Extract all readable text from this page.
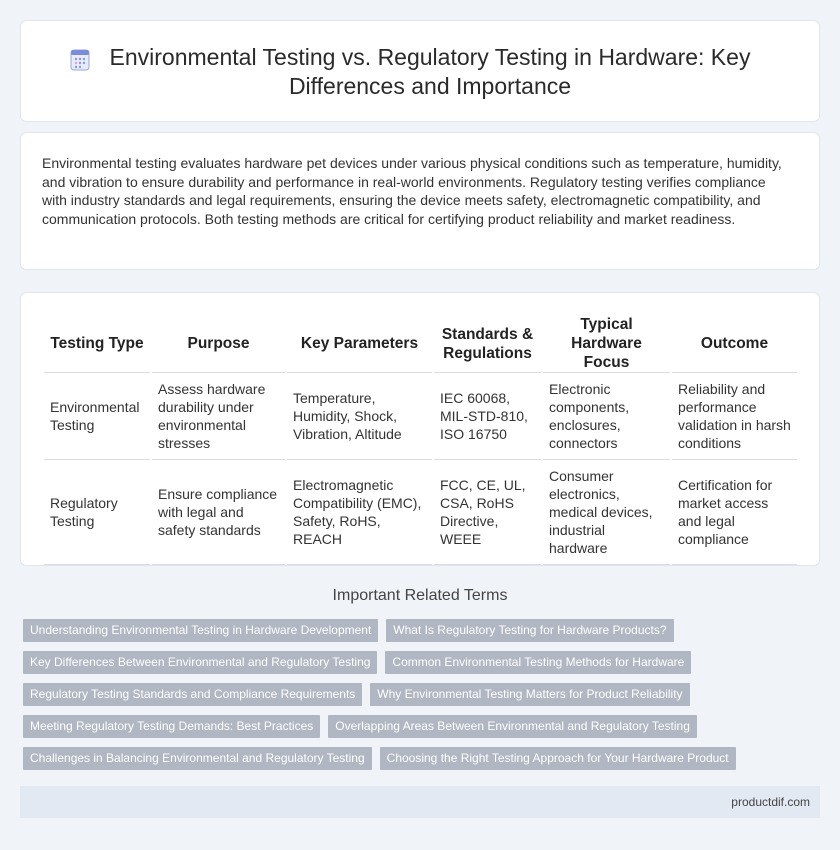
Environmental Testing vs. Regulatory Testing in Hardware: Key Differences and Importance

Environmental testing evaluates hardware pet devices under various physical conditions such as temperature, humidity, and vibration to ensure durability and performance in real-world environments. Regulatory testing verifies compliance with industry standards and legal requirements, ensuring the device meets safety, electromagnetic compatibility, and communication protocols. Both testing methods are critical for certifying product reliability and market readiness.

Testing Type	Purpose	Key Parameters	Standards & Regulations	Typical Hardware Focus	Outcome
Environmental Testing	Assess hardware durability under environmental stresses	Temperature, Humidity, Shock, Vibration, Altitude	IEC 60068, MIL-STD-810, ISO 16750	Electronic components, enclosures, connectors	Reliability and performance validation in harsh conditions
Regulatory Testing	Ensure compliance with legal and safety standards	Electromagnetic Compatibility (EMC), Safety, RoHS, REACH	FCC, CE, UL, CSA, RoHS Directive, WEEE	Consumer electronics, medical devices, industrial hardware	Certification for market access and legal compliance
Important Related Terms
Understanding Environmental Testing in Hardware Development	What Is Regulatory Testing for Hardware Products?
Key Differences Between Environmental and Regulatory Testing	Common Environmental Testing Methods for Hardware
Regulatory Testing Standards and Compliance Requirements	Why Environmental Testing Matters for Product Reliability
Meeting Regulatory Testing Demands: Best Practices	Overlapping Areas Between Environmental and Regulatory Testing
Challenges in Balancing Environmental and Regulatory Testing	Choosing the Right Testing Approach for Your Hardware Product
productdif.com
